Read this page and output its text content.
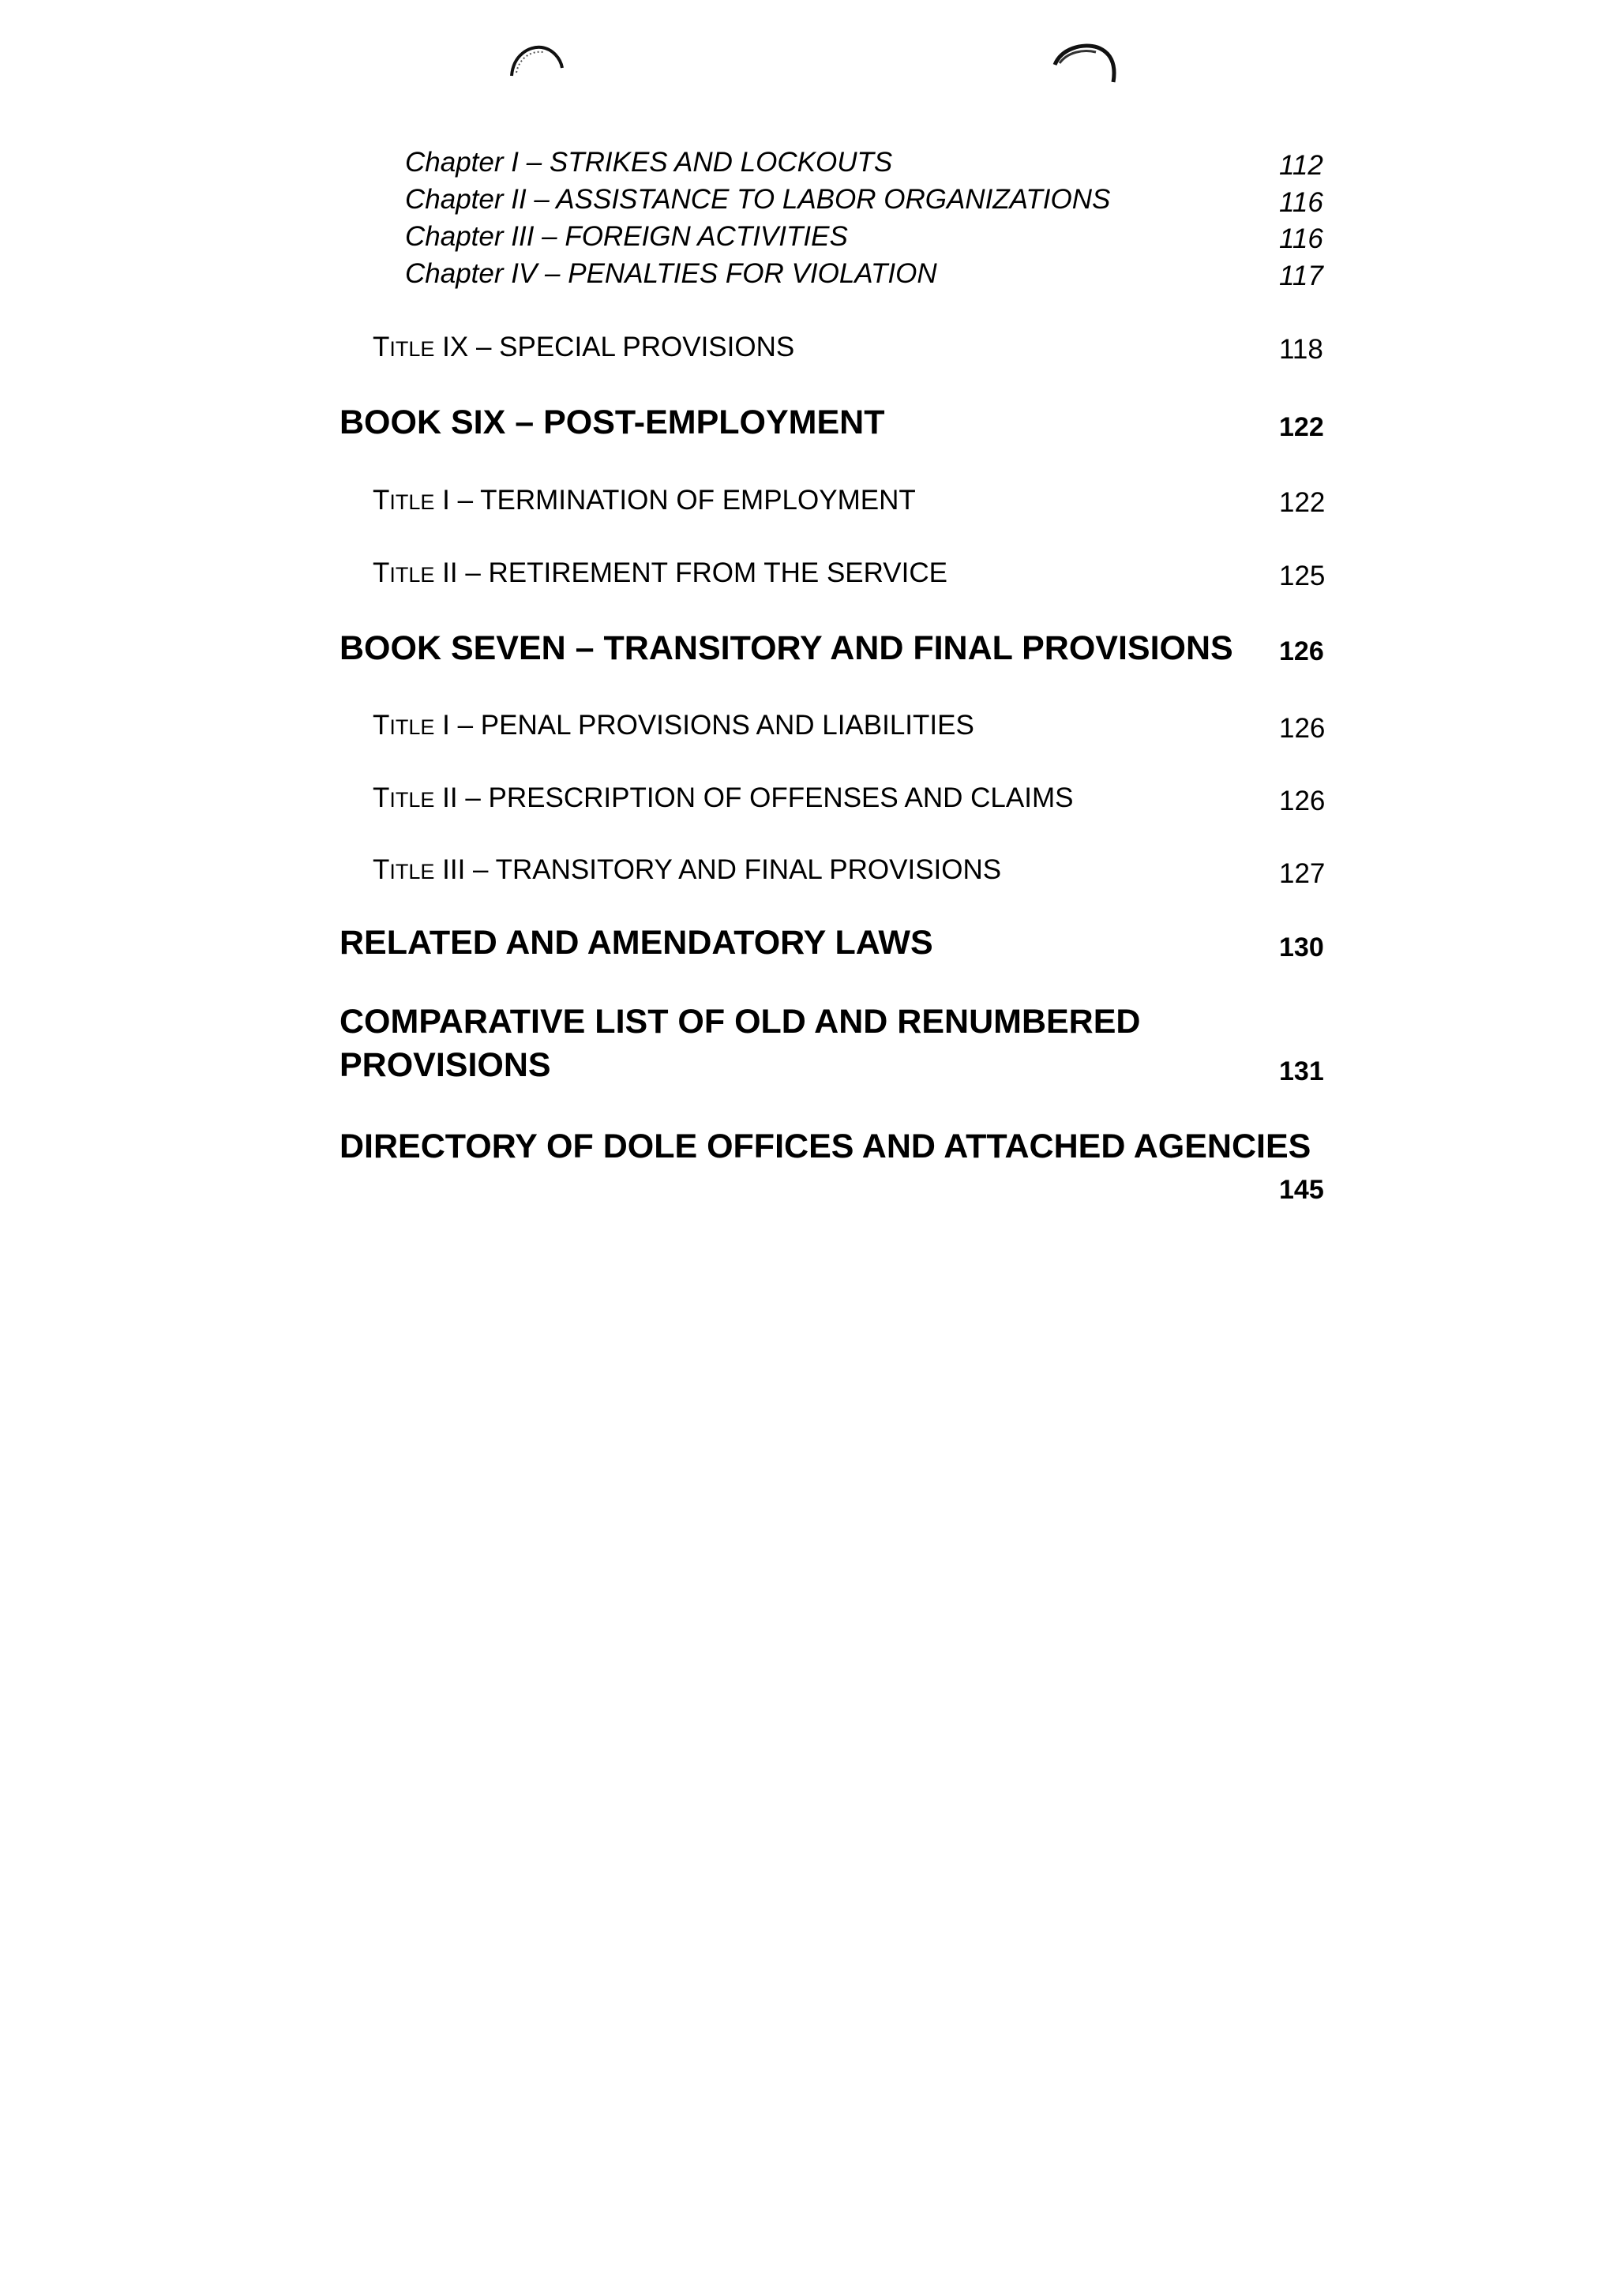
Chapter I – STRIKES AND LOCKOUTS	112
Chapter II – ASSISTANCE TO LABOR ORGANIZATIONS	116
Chapter III – FOREIGN ACTIVITIES	116
Chapter IV – PENALTIES FOR VIOLATION	117
TITLE IX – SPECIAL PROVISIONS	118
BOOK SIX – POST-EMPLOYMENT	122
TITLE I – TERMINATION OF EMPLOYMENT	122
TITLE II – RETIREMENT FROM THE SERVICE	125
BOOK SEVEN – TRANSITORY AND FINAL PROVISIONS 126
TITLE I – PENAL PROVISIONS AND LIABILITIES	126
TITLE II – PRESCRIPTION OF OFFENSES AND CLAIMS	126
TITLE III – TRANSITORY AND FINAL PROVISIONS	127
RELATED AND AMENDATORY LAWS	130
COMPARATIVE LIST OF OLD AND RENUMBERED
PROVISIONS	131
DIRECTORY OF DOLE OFFICES AND ATTACHED AGENCIES
145
